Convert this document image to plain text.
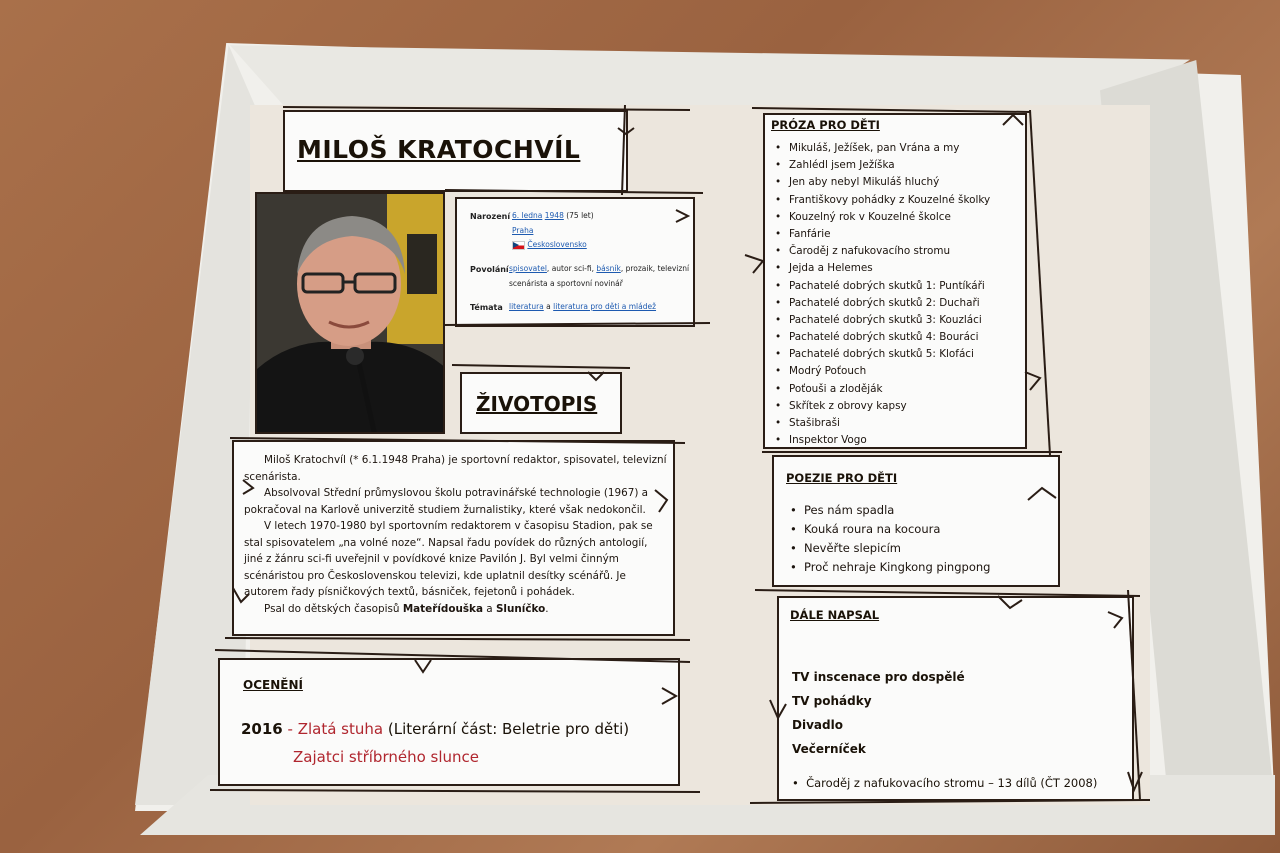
MILOŠ KRATOCHVÍL
Narození 6. ledna 1948 (75 let)
Praha
Československo
Povolání spisovatel, autor sci-fi, básník, prozaik, televizní
scenárista a sportovní novinář
Témata literatura a literatura pro děti a mládež
ŽIVOTOPIS

Miloš Kratochvíl (* 6.1.1948 Praha) je sportovní redaktor, spisovatel, televizní scenárista.

Absolvoval Střední průmyslovou školu potravinářské technologie (1967) a pokračoval na Karlově univerzitě studiem žurnalistiky, které však nedokončil.

V letech 1970-1980 byl sportovním redaktorem v časopisu Stadion, pak se stal spisovatelem „na volné noze“. Napsal řadu povídek do různých antologií, jiné z žánru sci-fi uveřejnil v povídkové knize Pavilón J. Byl velmi činným scénáristou pro Československou televizi, kde uplatnil desítky scénářů. Je autorem řady písničkových textů, básniček, fejetonů i pohádek.

Psal do dětských časopisů Mateřídouška a Sluníčko.

OCENĚNÍ
2016 - Zlatá stuha (Literární část: Beletrie pro děti)
Zajatci stříbrného slunce
PRÓZA PRO DĚTI
• Mikuláš, Ježíšek, pan Vrána a my
• Zahlédl jsem Ježíška
• Jen aby nebyl Mikuláš hluchý
• Františkovy pohádky z Kouzelné školky
• Kouzelný rok v Kouzelné školce
• Fanfárie
• Čaroděj z nafukovacího stromu
• Jejda a Helemes
• Pachatelé dobrých skutků 1: Puntíkáři
• Pachatelé dobrých skutků 2: Duchaři
• Pachatelé dobrých skutků 3: Kouzláci
• Pachatelé dobrých skutků 4: Bouráci
• Pachatelé dobrých skutků 5: Klofáci
• Modrý Poťouch
• Poťouši a zloděják
• Skřítek z obrovy kapsy
• Stašibraši
• Inspektor Vogo
POEZIE PRO DĚTI
• Pes nám spadla
• Kouká roura na kocoura
• Nevěřte slepicím
• Proč nehraje Kingkong pingpong
DÁLE NAPSAL
TV inscenace pro dospělé
TV pohádky
Divadlo
Večerníček
•  Čaroděj z nafukovacího stromu – 13 dílů (ČT 2008)
